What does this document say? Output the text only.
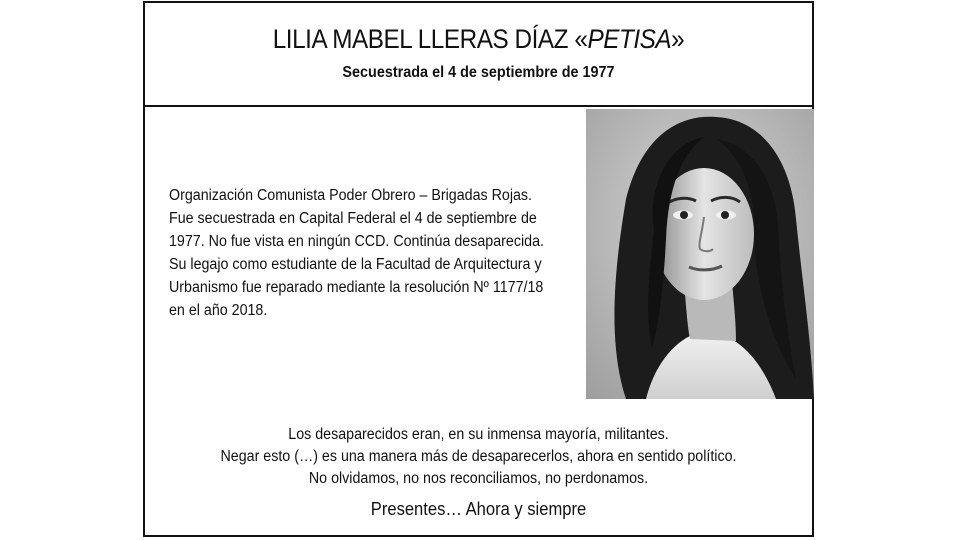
LILIA MABEL LLERAS DÍAZ «PETISA»
Secuestrada el 4 de septiembre de 1977
Organización Comunista Poder Obrero – Brigadas Rojas.
Fue secuestrada en Capital Federal el 4 de septiembre de
1977. No fue vista en ningún CCD. Continúa desaparecida.
Su legajo como estudiante de la Facultad de Arquitectura y
Urbanismo fue reparado mediante la resolución Nº 1177/18
en el año 2018.
Los desaparecidos eran, en su inmensa mayoría, militantes.
Negar esto (…) es una manera más de desaparecerlos, ahora en sentido político.
No olvidamos, no nos reconciliamos, no perdonamos.
Presentes… Ahora y siempre
